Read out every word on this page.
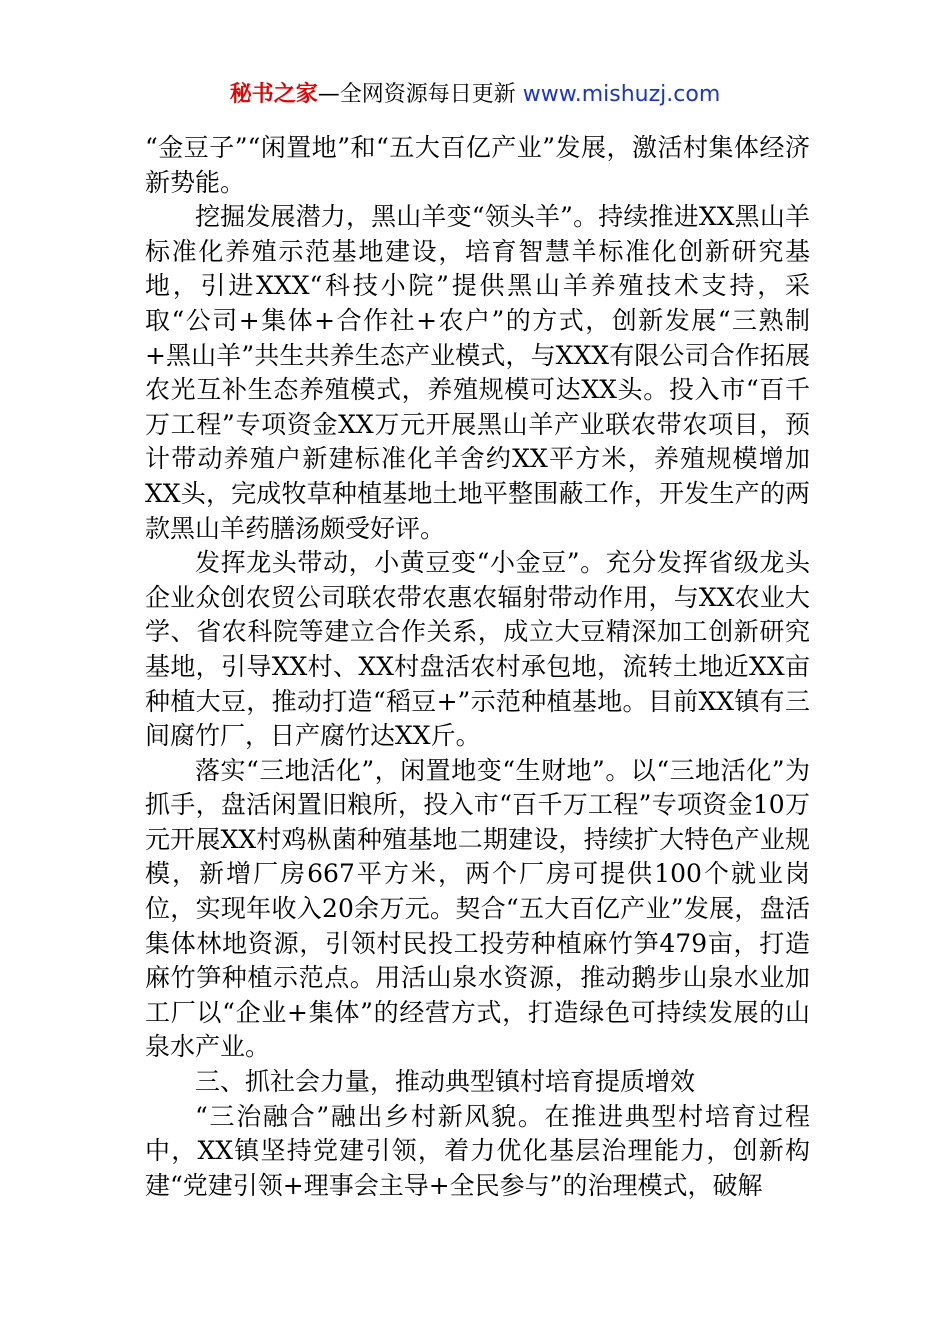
秘书之家—全网资源每日更新 www.mishuzj.com

“金豆子”“闲置地”和“五大百亿产业”发展，激活村集体经济新势能。

挖掘发展潜力，黑山羊变“领头羊”。持续推进XX黑山羊标准化养殖示范基地建设，培育智慧羊标准化创新研究基地，引进XXX“科技小院”提供黑山羊养殖技术支持，采取“公司+集体+合作社+农户”的方式，创新发展“三熟制+黑山羊”共生共养生态产业模式，与XXX有限公司合作拓展农光互补生态养殖模式，养殖规模可达XX头。投入市“百千万工程”专项资金XX万元开展黑山羊产业联农带农项目，预计带动养殖户新建标准化羊舍约XX平方米，养殖规模增加XX头，完成牧草种植基地土地平整围蔽工作，开发生产的两款黑山羊药膳汤颇受好评。

发挥龙头带动，小黄豆变“小金豆”。充分发挥省级龙头企业众创农贸公司联农带农惠农辐射带动作用，与XX农业大学、省农科院等建立合作关系，成立大豆精深加工创新研究基地，引导XX村、XX村盘活农村承包地，流转土地近XX亩种植大豆，推动打造“稻豆+”示范种植基地。目前XX镇有三间腐竹厂，日产腐竹达XX斤。

落实“三地活化”，闲置地变“生财地”。以“三地活化”为抓手，盘活闲置旧粮所，投入市“百千万工程”专项资金10万元开展XX村鸡枞菌种殖基地二期建设，持续扩大特色产业规模，新增厂房667平方米，两个厂房可提供100个就业岗位，实现年收入20余万元。契合“五大百亿产业”发展，盘活集体林地资源，引领村民投工投劳种植麻竹笋479亩，打造麻竹笋种植示范点。用活山泉水资源，推动鹅步山泉水业加工厂以“企业+集体”的经营方式，打造绿色可持续发展的山泉水产业。

三、抓社会力量，推动典型镇村培育提质增效

“三治融合”融出乡村新风貌。在推进典型村培育过程中，XX镇坚持党建引领，着力优化基层治理能力，创新构建“党建引领+理事会主导+全民参与”的治理模式，破解
